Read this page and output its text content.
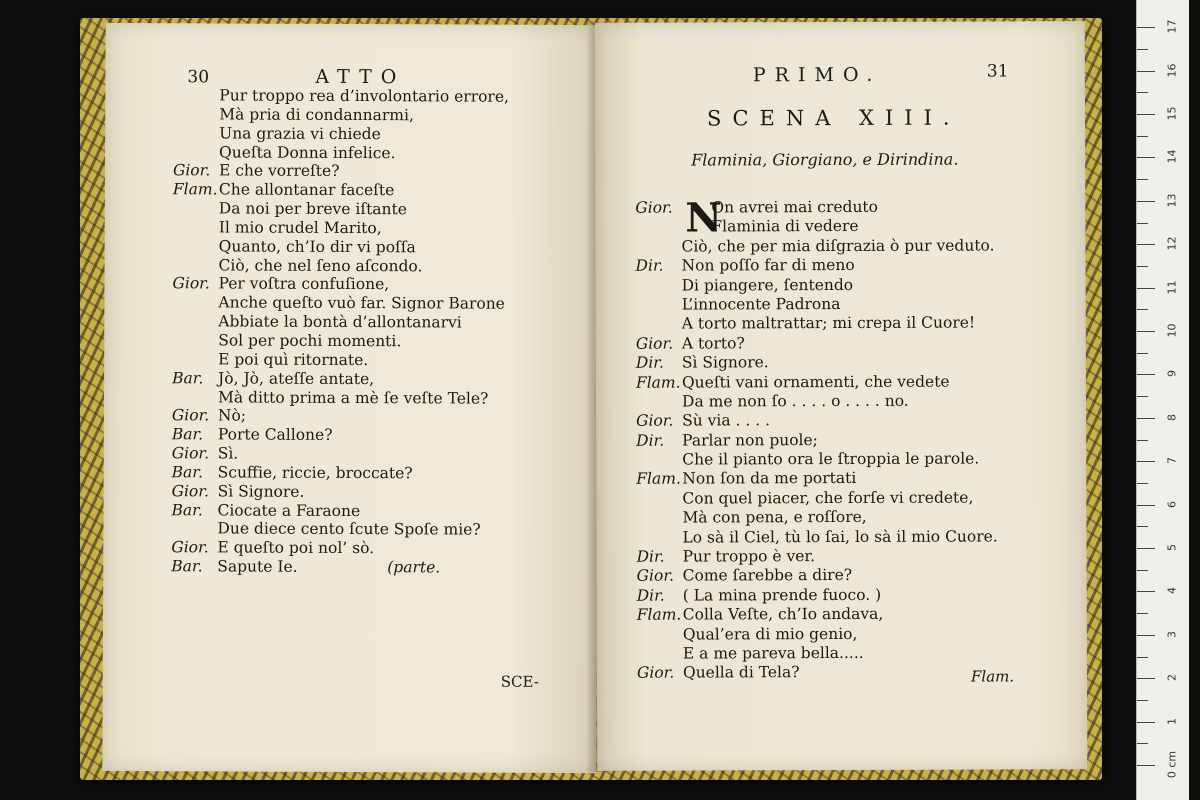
30	ATTO
Pur troppo rea d’involontario errore,
Mà pria di condannarmi,
Una grazia vi chiede
Queſta Donna infelice.
Gior. E che vorreſte?
Flam. Che allontanar faceſte
Da noi per breve iſtante
Il mio crudel Marito,
Quanto, ch’Io dir vi poſſa
Ciò, che nel ſeno aſcondo.
Gior. Per voſtra confuſione,
Anche queſto vuò far. Signor Barone
Abbiate la bontà d’allontanarvi
Sol per pochi momenti.
E poi quì ritornate.
Bar. Jò, Jò, ateſſe antate,
Mà ditto prima a mè ſe veſte Tele?
Gior. Nò;
Bar. Porte Callone?
Gior. Sì.
Bar. Scuffie, riccie, broccate?
Gior. Sì Signore.
Bar. Ciocate a Faraone
Due diece cento ſcute Spoſe mie?
Gior. E queſto poi nol’ sò.
Bar. Sapute Ie.	(parte.
SCE-
PRIMO.	31
SCENA XIII.
Flaminia, Giorgiano, e Dirindina.
Gior. N
On avrei mai creduto
Flaminia di vedere
Ciò, che per mia diſgrazia ò pur veduto.
Dir. Non poſſo far di meno
Di piangere, ſentendo
L’innocente Padrona
A torto maltrattar; mi crepa il Cuore!
Gior. A torto?
Dir. Sì Signore.
Flam. Queſti vani ornamenti, che vedete
Da me non ſo . . . . o . . . . no.
Gior. Sù via . . . .
Dir. Parlar non puole;
Che il pianto ora le ſtroppia le parole.
Flam. Non ſon da me portati
Con quel piacer, che forſe vi credete,
Mà con pena, e roſſore,
Lo sà il Ciel, tù lo ſai, lo sà il mio Cuore.
Dir. Pur troppo è ver.
Gior. Come ſarebbe a dire?
Dir. ( La mina prende fuoco. )
Flam. Colla Veſte, ch’Io andava,
Qual’era di mio genio,
E a me pareva bella.....
Gior. Quella di Tela?	Flam.
0 cm
1
2
3
4
5
6
7
8
9
10
11
12
13
14
15
16
17
